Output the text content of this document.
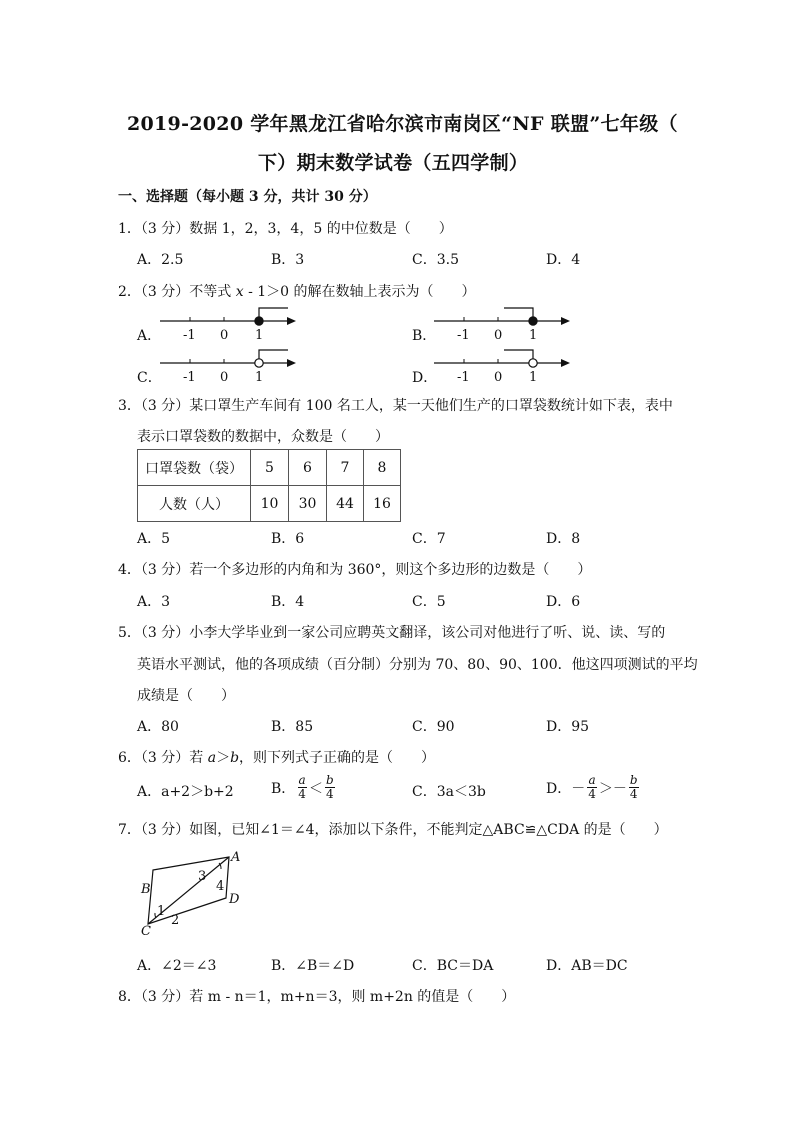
2019-2020 学年黑龙江省哈尔滨市南岗区“NF 联盟”七年级（
下）期末数学试卷（五四学制）
一、选择题（每小题 3 分，共计 30 分）
1．（3 分）数据 1，2，3，4，5 的中位数是（　　）
A．2.5	B．3	C．3.5	D．4
2．（3 分）不等式 x - 1＞0 的解在数轴上表示为（　　）
A．	B．
C．	D．
-1 0 1	-1 0 1
-1 0 1	-1 0 1
3．（3 分）某口罩生产车间有 100 名工人，某一天他们生产的口罩袋数统计如下表，表中
表示口罩袋数的数据中，众数是（　　）
口罩袋数（袋）	5	6	7	8
人数（人）	10	30	44	16
A．5	B．6	C．7	D．8
4．（3 分）若一个多边形的内角和为 360°，则这个多边形的边数是（　　）
A．3	B．4	C．5	D．6
5．（3 分）小李大学毕业到一家公司应聘英文翻译，该公司对他进行了听、说、读、写的
英语水平测试，他的各项成绩（百分制）分别为 70、80、90、100．他这四项测试的平均
成绩是（　　）
A．80	B．85	C．90	D．95
6．（3 分）若 a＞b，则下列式子正确的是（　　）
A．a+2＞b+2	B． $\frac{a}{4} < \frac{b}{4}$	C．3a＜3b	D． － $\frac{a}{4}$ ＞ － $\frac{b}{4}$
7．（3 分）如图，已知∠1＝∠4，添加以下条件，不能判定△ABC≌△CDA 的是（　　）
A
B
C
D
1
2
3
4
A．∠2＝∠3	B．∠B＝∠D	C．BC＝DA	D．AB＝DC
8．（3 分）若 m - n＝1，m+n＝3，则 m+2n 的值是（　　）
